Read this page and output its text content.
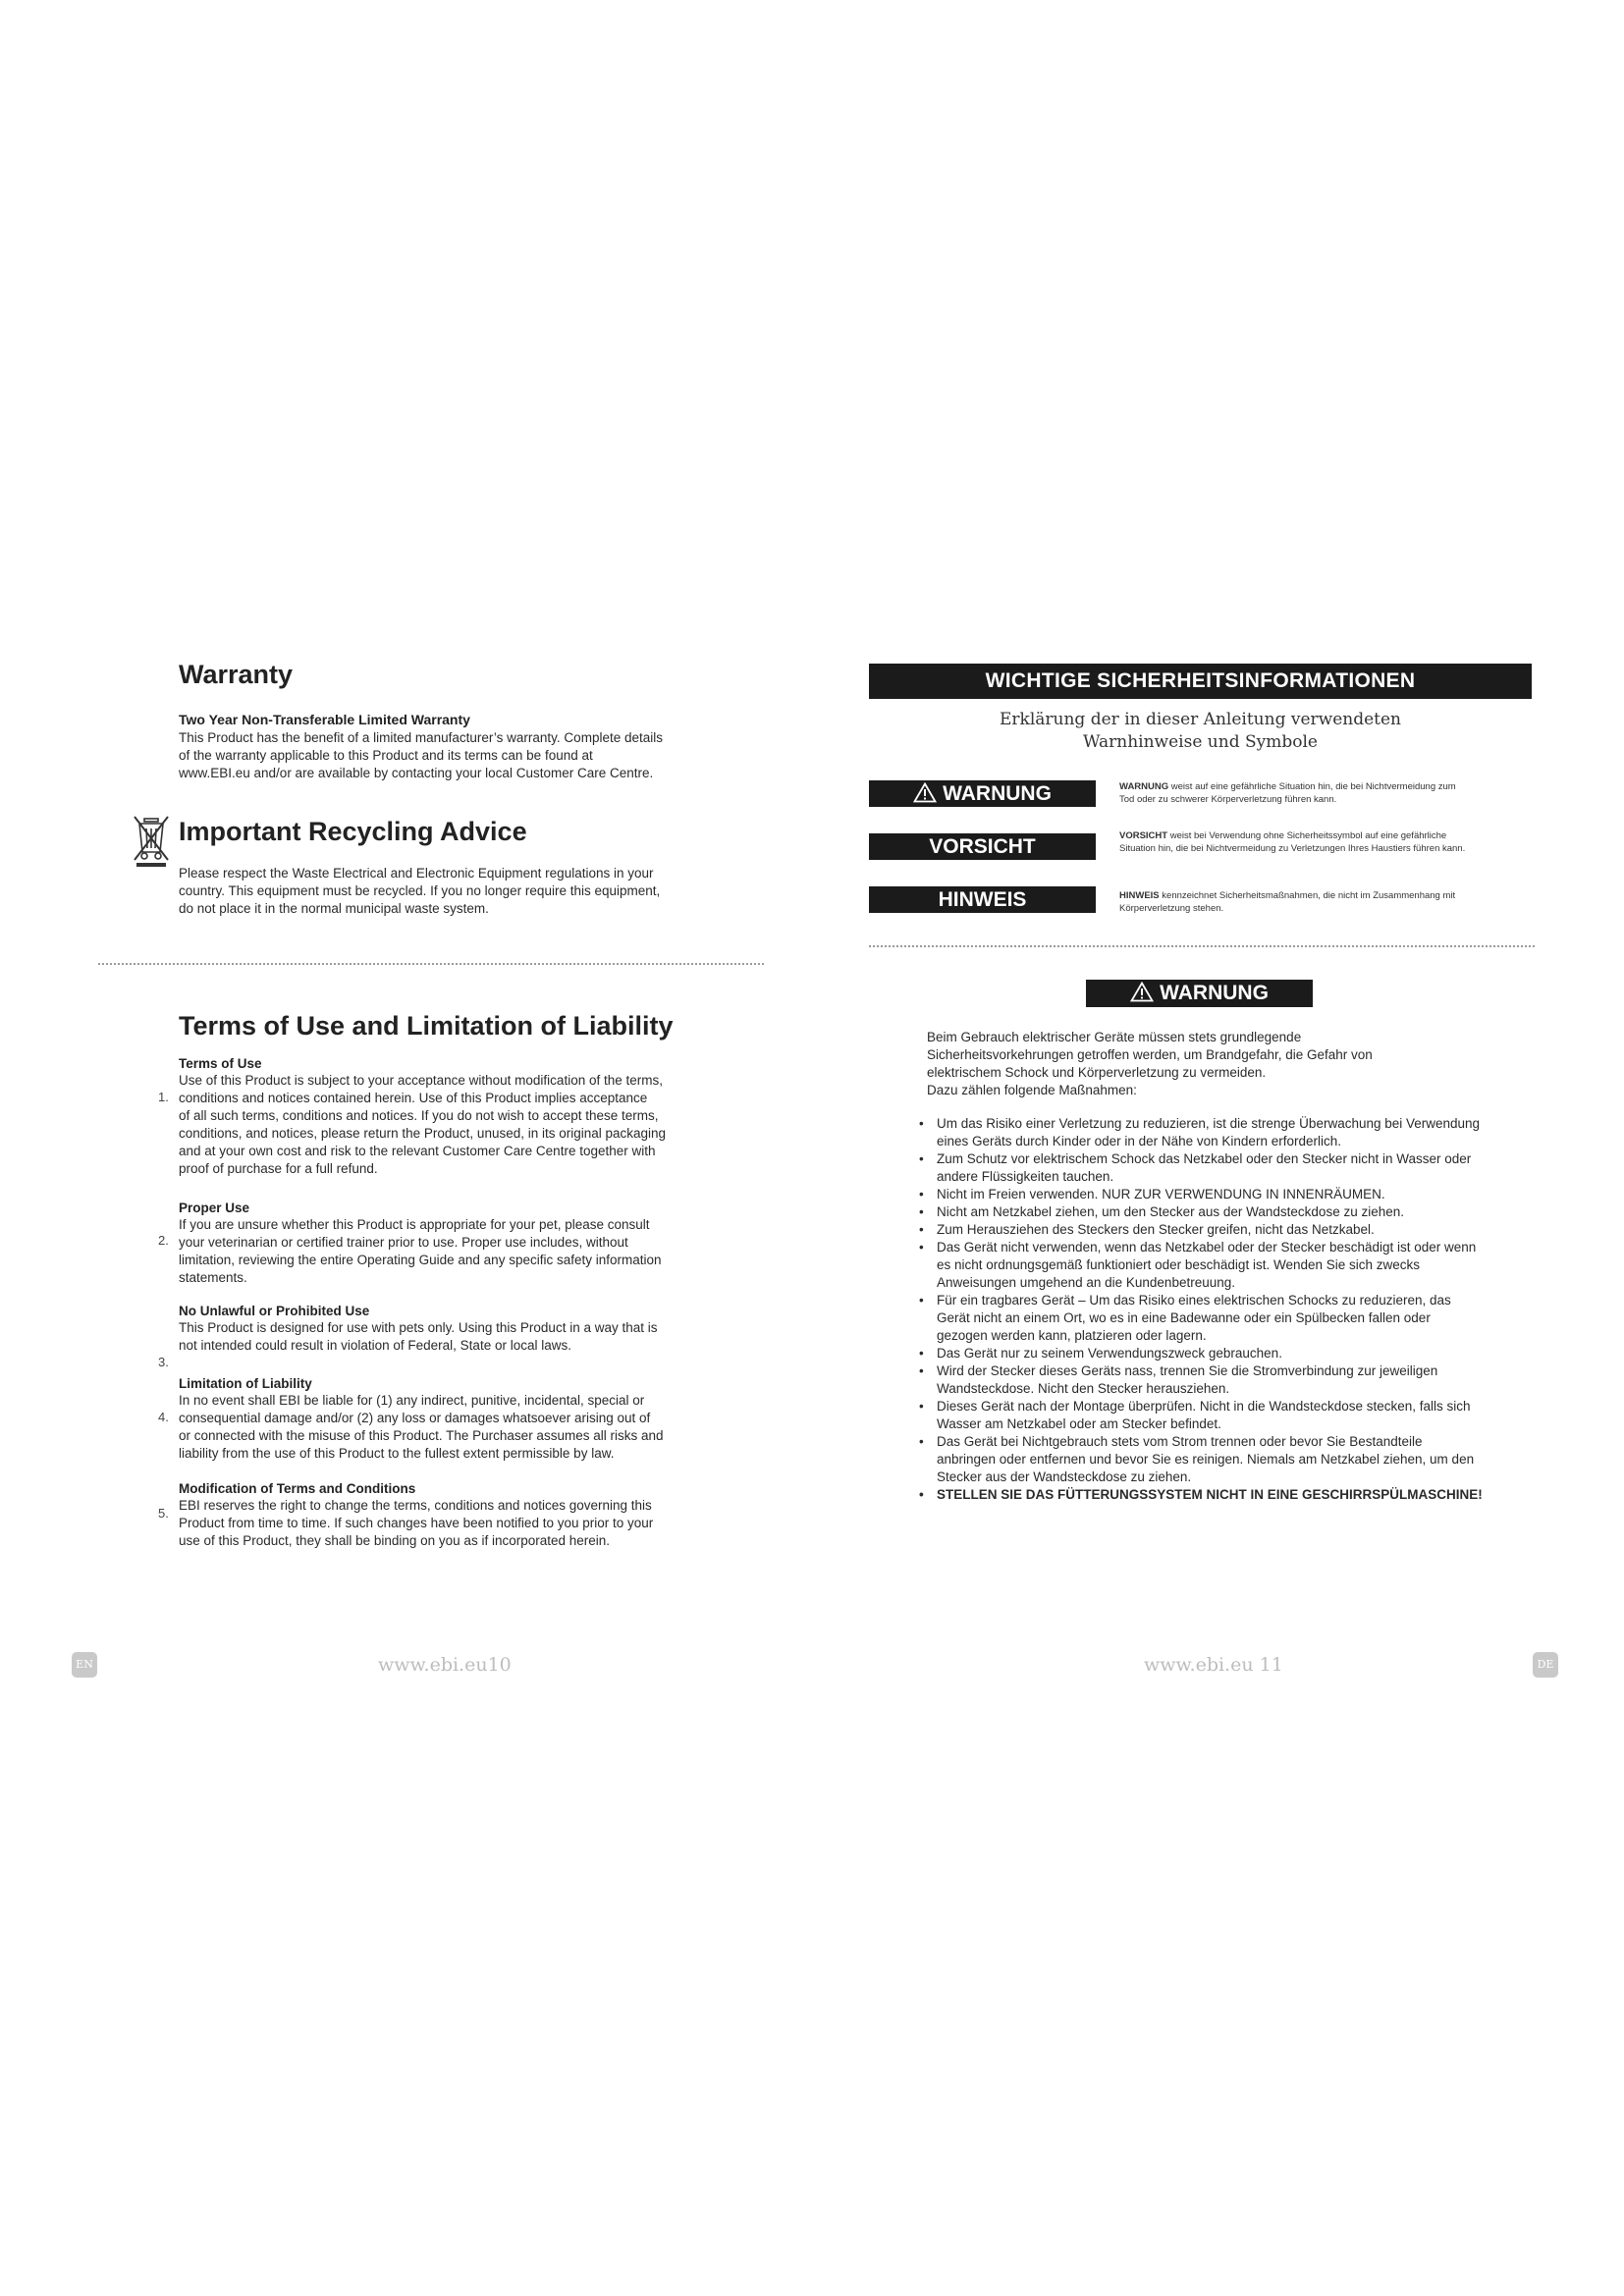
Warranty
Two Year Non-Transferable Limited Warranty

This Product has the benefit of a limited manufacturer’s warranty. Complete details

of the warranty applicable to this Product and its terms can be found at

www.EBI.eu and/or are available by contacting your local Customer Care Centre.

Important Recycling Advice

Please respect the Waste Electrical and Electronic Equipment regulations in your

country. This equipment must be recycled. If you no longer require this equipment,

do not place it in the normal municipal waste system.

Terms of Use and Limitation of Liability
Terms of Use

Use of this Product is subject to your acceptance without modification of the terms,

conditions and notices contained herein. Use of this Product implies acceptance

of all such terms, conditions and notices. If you do not wish to accept these terms,

conditions, and notices, please return the Product, unused, in its original packaging

and at your own cost and risk to the relevant Customer Care Centre together with

proof of purchase for a full refund.

1.
Proper Use

If you are unsure whether this Product is appropriate for your pet, please consult

your veterinarian or certified trainer prior to use. Proper use includes, without

limitation, reviewing the entire Operating Guide and any specific safety information

statements.

2.
No Unlawful or Prohibited Use

This Product is designed for use with pets only. Using this Product in a way that is

not intended could result in violation of Federal, State or local laws.

3.
Limitation of Liability

In no event shall EBI be liable for (1) any indirect, punitive, incidental, special or

consequential damage and/or (2) any loss or damages whatsoever arising out of

or connected with the misuse of this Product. The Purchaser assumes all risks and

liability from the use of this Product to the fullest extent permissible by law.

4.
Modification of Terms and Conditions

EBI reserves the right to change the terms, conditions and notices governing this

Product from time to time. If such changes have been notified to you prior to your

use of this Product, they shall be binding on you as if incorporated herein.

5.
WICHTIGE SICHERHEITSINFORMATIONEN

Erklärung der in dieser Anleitung verwendeten

Warnhinweise und Symbole

WARNUNG	WARNUNG weist auf eine gefährliche Situation hin, die bei Nichtvermeidung zum

Tod oder zu schwerer Körperverletzung führen kann.

VORSICHT	VORSICHT weist bei Verwendung ohne Sicherheitssymbol auf eine gefährliche

Situation hin, die bei Nichtvermeidung zu Verletzungen Ihres Haustiers führen kann.

HINWEIS	HINWEIS kennzeichnet Sicherheitsmaßnahmen, die nicht im Zusammenhang mit

Körperverletzung stehen.

WARNUNG

Beim Gebrauch elektrischer Geräte müssen stets grundlegende

Sicherheitsvorkehrungen getroffen werden, um Brandgefahr, die Gefahr von

elektrischem Schock und Körperverletzung zu vermeiden.

Dazu zählen folgende Maßnahmen:

• Um das Risiko einer Verletzung zu reduzieren, ist die strenge Überwachung bei Verwendung eines Geräts durch Kinder oder in der Nähe von Kindern erforderlich.
• Zum Schutz vor elektrischem Schock das Netzkabel oder den Stecker nicht in Wasser oder andere Flüssigkeiten tauchen.
• Nicht im Freien verwenden. NUR ZUR VERWENDUNG IN INNENRÄUMEN.
• Nicht am Netzkabel ziehen, um den Stecker aus der Wandsteckdose zu ziehen.
• Zum Herausziehen des Steckers den Stecker greifen, nicht das Netzkabel.
• Das Gerät nicht verwenden, wenn das Netzkabel oder der Stecker beschädigt ist oder wenn es nicht ordnungsgemäß funktioniert oder beschädigt ist. Wenden Sie sich zwecks Anweisungen umgehend an die Kundenbetreuung.
• Für ein tragbares Gerät – Um das Risiko eines elektrischen Schocks zu reduzieren, das Gerät nicht an einem Ort, wo es in eine Badewanne oder ein Spülbecken fallen oder gezogen werden kann, platzieren oder lagern.
• Das Gerät nur zu seinem Verwendungszweck gebrauchen.
• Wird der Stecker dieses Geräts nass, trennen Sie die Stromverbindung zur jeweiligen Wandsteckdose. Nicht den Stecker herausziehen.
• Dieses Gerät nach der Montage überprüfen. Nicht in die Wandsteckdose stecken, falls sich Wasser am Netzkabel oder am Stecker befindet.
• Das Gerät bei Nichtgebrauch stets vom Strom trennen oder bevor Sie Bestandteile anbringen oder entfernen und bevor Sie es reinigen. Niemals am Netzkabel ziehen, um den Stecker aus der Wandsteckdose zu ziehen.
• STELLEN SIE DAS FÜTTERUNGSSYSTEM NICHT IN EINE GESCHIRRSPÜLMASCHINE!
EN	www.ebi.eu10	www.ebi.eu 11	DE
